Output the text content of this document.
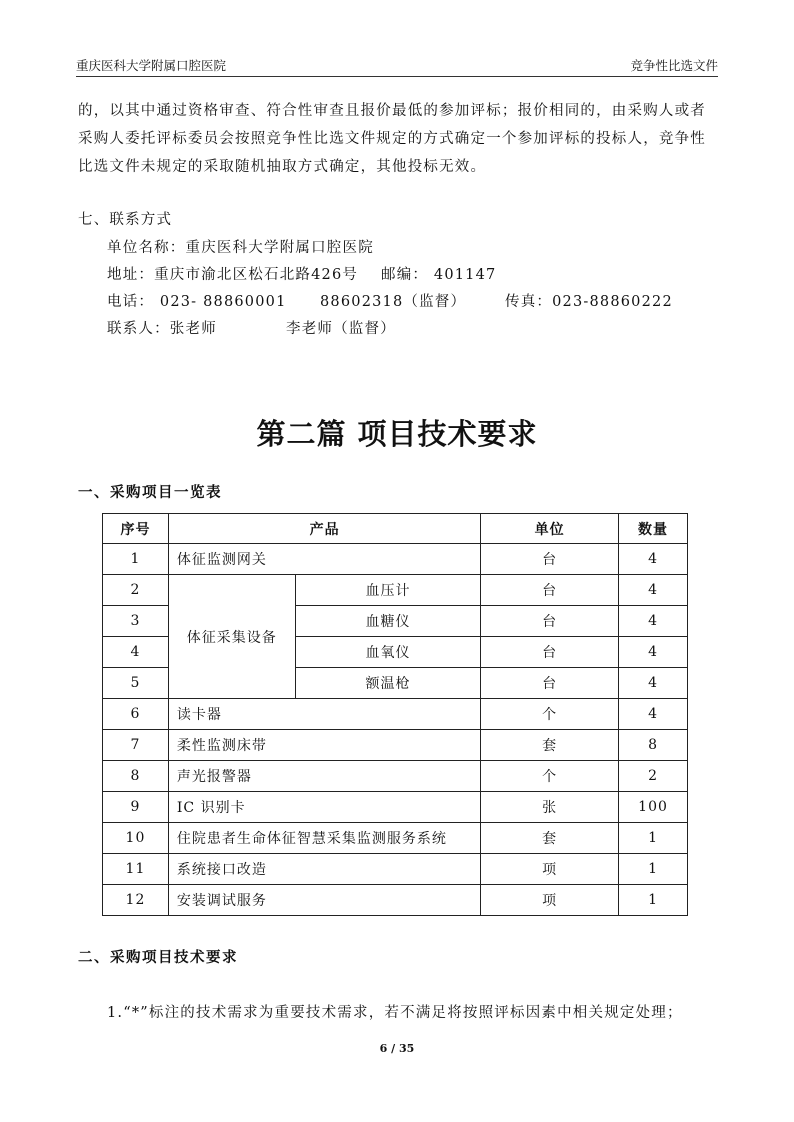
重庆医科大学附属口腔医院	竞争性比选文件
的，以其中通过资格审查、符合性审查且报价最低的参加评标；报价相同的，由采购人或者
采购人委托评标委员会按照竞争性比选文件规定的方式确定一个参加评标的投标人，竞争性
比选文件未规定的采取随机抽取方式确定，其他投标无效。
七、联系方式
单位名称：重庆医科大学附属口腔医院
地址：重庆市渝北区松石北路426号 邮编： 401147
电话： 023- 88860001 88602318（监督）	传真：023-88860222
联系人：张老师	李老师（监督）
第二篇 项目技术要求
一、采购项目一览表
序号	产品		单位	数量
1	体征监测网关		台	4
2	体征采集设备	血压计	台	4
3		血糖仪	台	4
4		血氧仪	台	4
5		额温枪	台	4
6	读卡器		个	4
7	柔性监测床带		套	8
8	声光报警器		个	2
9	IC 识别卡		张	100
10	住院患者生命体征智慧采集监测服务系统		套	1
11	系统接口改造		项	1
12	安装调试服务		项	1
二、采购项目技术要求
1.“*”标注的技术需求为重要技术需求，若不满足将按照评标因素中相关规定处理；
6 / 35
